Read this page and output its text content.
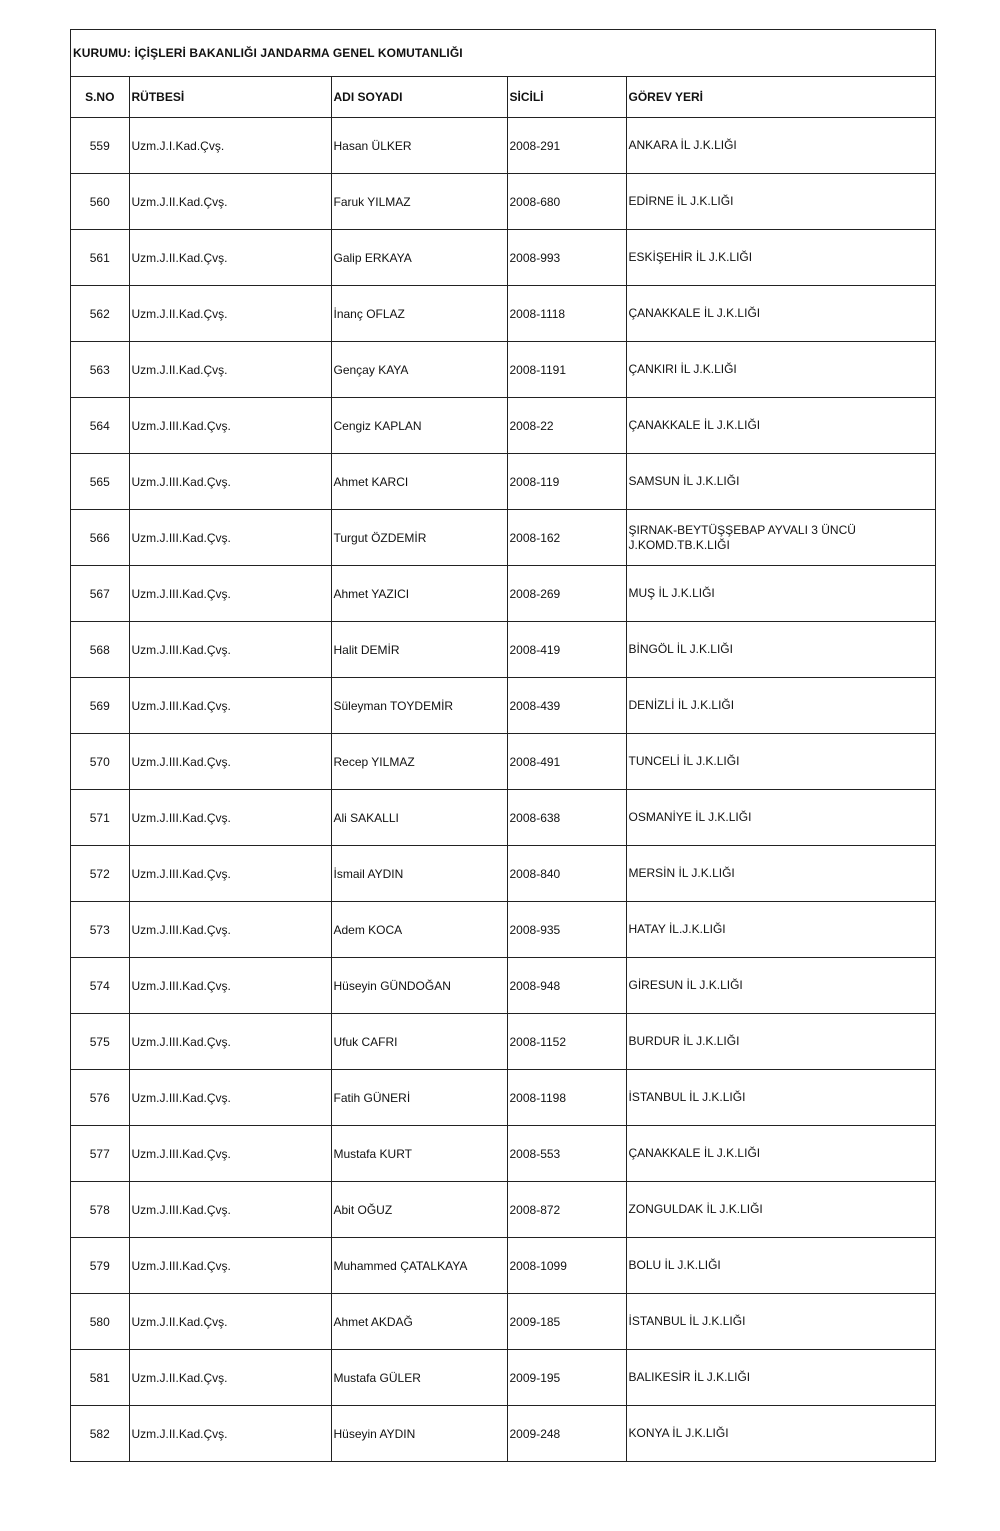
KURUMU: İÇİŞLERİ BAKANLIĞI JANDARMA GENEL KOMUTANLIĞI
S.NO	RÜTBESİ	ADI SOYADI	SİCİLİ	GÖREV YERİ
559	Uzm.J.I.Kad.Çvş.	Hasan ÜLKER	2008-291	ANKARA İL J.K.LIĞI
560	Uzm.J.II.Kad.Çvş.	Faruk YILMAZ	2008-680	EDİRNE İL J.K.LIĞI
561	Uzm.J.II.Kad.Çvş.	Galip ERKAYA	2008-993	ESKİŞEHİR İL J.K.LIĞI
562	Uzm.J.II.Kad.Çvş.	İnanç OFLAZ	2008-1118	ÇANAKKALE İL J.K.LIĞI
563	Uzm.J.II.Kad.Çvş.	Gençay KAYA	2008-1191	ÇANKIRI İL J.K.LIĞI
564	Uzm.J.III.Kad.Çvş.	Cengiz KAPLAN	2008-22	ÇANAKKALE İL J.K.LIĞI
565	Uzm.J.III.Kad.Çvş.	Ahmet KARCI	2008-119	SAMSUN İL J.K.LIĞI
566	Uzm.J.III.Kad.Çvş.	Turgut ÖZDEMİR	2008-162	ŞIRNAK-BEYTÜŞŞEBAP AYVALI 3 ÜNCÜ J.KOMD.TB.K.LIĞI
567	Uzm.J.III.Kad.Çvş.	Ahmet YAZICI	2008-269	MUŞ İL J.K.LIĞI
568	Uzm.J.III.Kad.Çvş.	Halit DEMİR	2008-419	BİNGÖL İL J.K.LIĞI
569	Uzm.J.III.Kad.Çvş.	Süleyman TOYDEMİR	2008-439	DENİZLİ İL J.K.LIĞI
570	Uzm.J.III.Kad.Çvş.	Recep YILMAZ	2008-491	TUNCELİ İL J.K.LIĞI
571	Uzm.J.III.Kad.Çvş.	Ali SAKALLI	2008-638	OSMANİYE İL J.K.LIĞI
572	Uzm.J.III.Kad.Çvş.	İsmail AYDIN	2008-840	MERSİN İL J.K.LIĞI
573	Uzm.J.III.Kad.Çvş.	Adem KOCA	2008-935	HATAY İL.J.K.LIĞI
574	Uzm.J.III.Kad.Çvş.	Hüseyin GÜNDOĞAN	2008-948	GİRESUN İL J.K.LIĞI
575	Uzm.J.III.Kad.Çvş.	Ufuk CAFRI	2008-1152	BURDUR İL J.K.LIĞI
576	Uzm.J.III.Kad.Çvş.	Fatih GÜNERİ	2008-1198	İSTANBUL İL J.K.LIĞI
577	Uzm.J.III.Kad.Çvş.	Mustafa KURT	2008-553	ÇANAKKALE İL J.K.LIĞI
578	Uzm.J.III.Kad.Çvş.	Abit OĞUZ	2008-872	ZONGULDAK İL J.K.LIĞI
579	Uzm.J.III.Kad.Çvş.	Muhammed ÇATALKAYA	2008-1099	BOLU İL J.K.LIĞI
580	Uzm.J.II.Kad.Çvş.	Ahmet AKDAĞ	2009-185	İSTANBUL İL J.K.LIĞI
581	Uzm.J.II.Kad.Çvş.	Mustafa GÜLER	2009-195	BALIKESİR İL J.K.LIĞI
582	Uzm.J.II.Kad.Çvş.	Hüseyin AYDIN	2009-248	KONYA İL J.K.LIĞI
